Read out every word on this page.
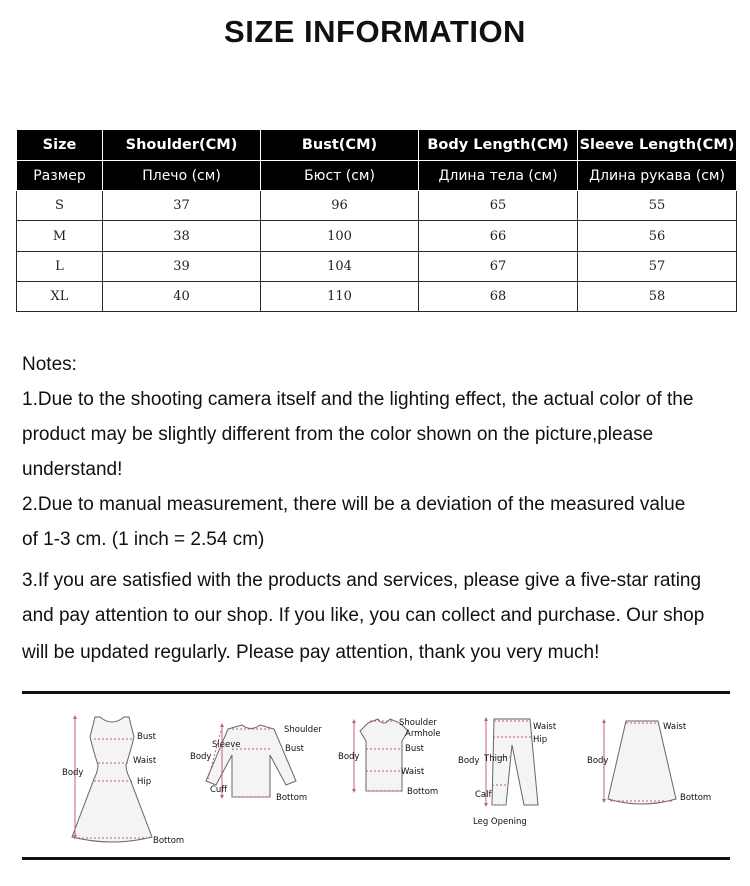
SIZE INFORMATION
Size	Shoulder(CM)	Bust(CM)	Body Length(CM)	Sleeve Length(CM)
Размер	Плечо (см)	Бюст (см)	Длина тела (см)	Длина рукава (см)
S	37	96	65	55
M	38	100	66	56
L	39	104	67	57
XL	40	110	68	58
Notes:
1.Due to the shooting camera itself and the lighting effect, the actual color of the
product may be slightly different from the color shown on the picture,please
understand!
2.Due to manual measurement, there will be a deviation of the measured value
of 1-3 cm. (1 inch = 2.54 cm)
3.If you are satisfied with the products and services, please give a five-star rating
and pay attention to our shop. If you like, you can collect and purchase. Our shop
will be updated regularly. Please pay attention, thank you very much!
Bust
Waist
Body
Hip
Bottom
Shoulder
Sleeve	Bust
Body
Cuff
Bottom
Shoulder
Armhole
Bust
Body
Waist
Bottom
Waist
Hip
Body Thigh
Calf
Leg Opening
Waist
Body
Bottom
